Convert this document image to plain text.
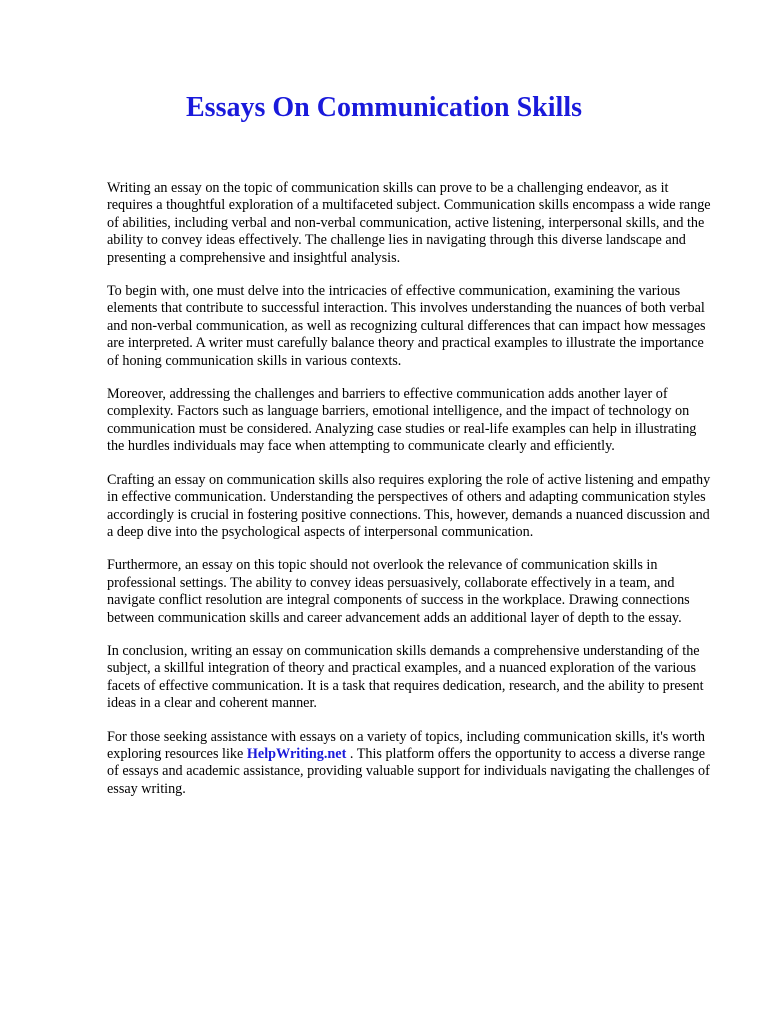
Essays On Communication Skills

Writing an essay on the topic of communication skills can prove to be a challenging endeavor, as it requires a thoughtful exploration of a multifaceted subject. Communication skills encompass a wide range of abilities, including verbal and non-verbal communication, active listening, interpersonal skills, and the ability to convey ideas effectively. The challenge lies in navigating through this diverse landscape and presenting a comprehensive and insightful analysis.

To begin with, one must delve into the intricacies of effective communication, examining the various elements that contribute to successful interaction. This involves understanding the nuances of both verbal and non-verbal communication, as well as recognizing cultural differences that can impact how messages are interpreted. A writer must carefully balance theory and practical examples to illustrate the importance of honing communication skills in various contexts.

Moreover, addressing the challenges and barriers to effective communication adds another layer of complexity. Factors such as language barriers, emotional intelligence, and the impact of technology on communication must be considered. Analyzing case studies or real-life examples can help in illustrating the hurdles individuals may face when attempting to communicate clearly and efficiently.

Crafting an essay on communication skills also requires exploring the role of active listening and empathy in effective communication. Understanding the perspectives of others and adapting communication styles accordingly is crucial in fostering positive connections. This, however, demands a nuanced discussion and a deep dive into the psychological aspects of interpersonal communication.

Furthermore, an essay on this topic should not overlook the relevance of communication skills in professional settings. The ability to convey ideas persuasively, collaborate effectively in a team, and navigate conflict resolution are integral components of success in the workplace. Drawing connections between communication skills and career advancement adds an additional layer of depth to the essay.

In conclusion, writing an essay on communication skills demands a comprehensive understanding of the subject, a skillful integration of theory and practical examples, and a nuanced exploration of the various facets of effective communication. It is a task that requires dedication, research, and the ability to present ideas in a clear and coherent manner.

For those seeking assistance with essays on a variety of topics, including communication skills, it's worth exploring resources like HelpWriting.net . This platform offers the opportunity to access a diverse range of essays and academic assistance, providing valuable support for individuals navigating the challenges of essay writing.
